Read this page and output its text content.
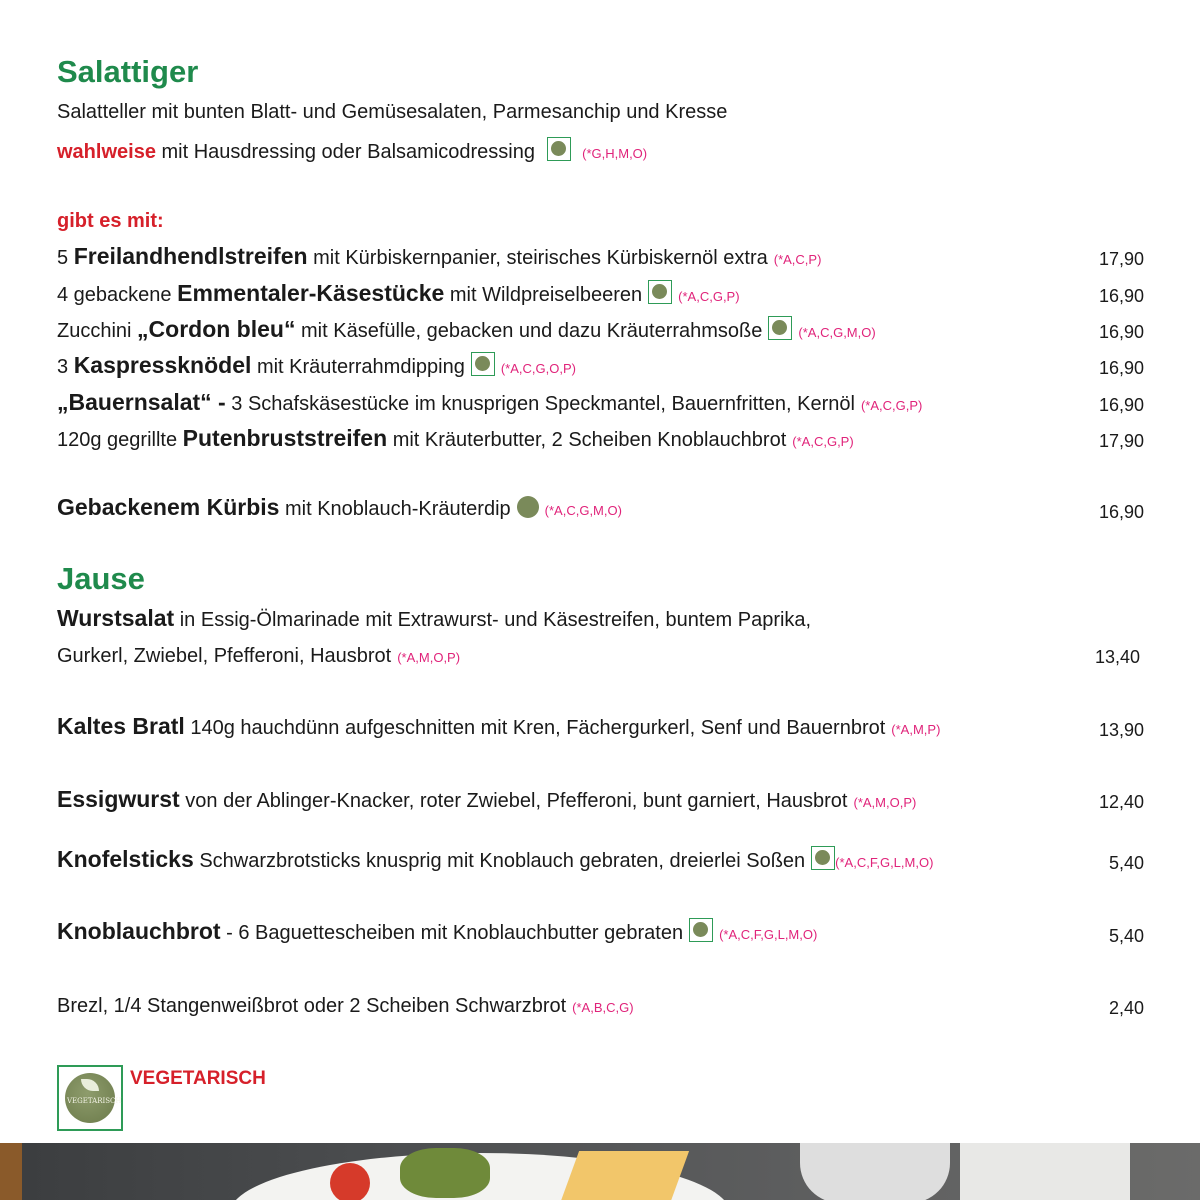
Salattiger
Salatteller mit bunten Blatt- und Gemüsesalaten, Parmesanchip und Kresse
wahlweise mit Hausdressing oder Balsamicodressing	(*G,H,M,O)
gibt es mit:
5 Freilandhendlstreifen mit Kürbiskernpanier, steirisches Kürbiskernöl extra (*A,C,P)	17,90
4 gebackene Emmentaler-Käsestücke mit Wildpreiselbeeren	(*A,C,G,P)	16,90
Zucchini „Cordon bleu“ mit Käsefülle, gebacken und dazu Kräuterrahmsoße	(*A,C,G,M,O)	16,90
3 Kaspressknödel mit Kräuterrahmdipping	(*A,C,G,O,P)	16,90
„Bauernsalat“ - 3 Schafskäsestücke im knusprigen Speckmantel, Bauernfritten, Kernöl (*A,C,G,P)	16,90
120g gegrillte Putenbruststreifen mit Kräuterbutter, 2 Scheiben Knoblauchbrot (*A,C,G,P)	17,90
Gebackenem Kürbis mit Knoblauch-Kräuterdip	(*A,C,G,M,O)	16,90
Jause
Wurstsalat in Essig-Ölmarinade mit Extrawurst- und Käsestreifen, buntem Paprika,
Gurkerl, Zwiebel, Pfefferoni, Hausbrot (*A,M,O,P)	13,40
Kaltes Bratl 140g hauchdünn aufgeschnitten mit Kren, Fächergurkerl, Senf und Bauernbrot (*A,M,P)	13,90
Essigwurst von der Ablinger-Knacker, roter Zwiebel, Pfefferoni, bunt garniert, Hausbrot (*A,M,O,P)	12,40
Knofelsticks Schwarzbrotsticks knusprig mit Knoblauch gebraten, dreierlei Soßen (*A,C,F,G,L,M,O)	5,40
Knoblauchbrot - 6 Baguettescheiben mit Knoblauchbutter gebraten	(*A,C,F,G,L,M,O)	5,40
Brezl, 1/4 Stangenweißbrot oder 2 Scheiben Schwarzbrot (*A,B,C,G)	2,40
VEGETARISCH
VEGETARISCH
